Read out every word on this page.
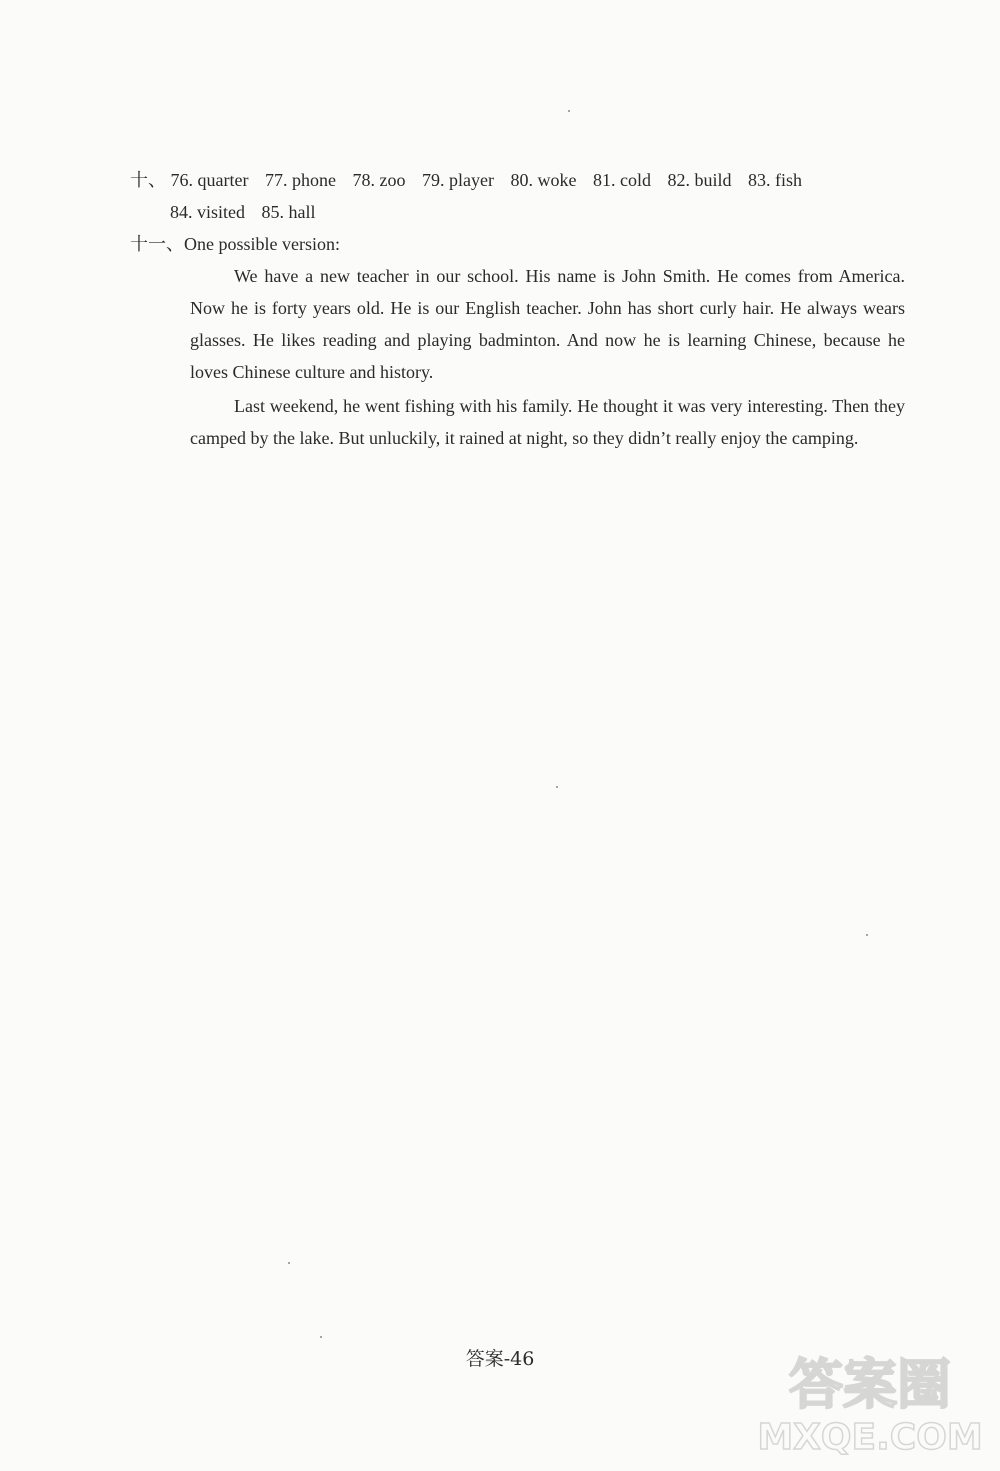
十、 76. quarter 77. phone 78. zoo 79. player 80. woke 81. cold 82. build 83. fish
84. visited 85. hall
十一、One possible version:

We have a new teacher in our school. His name is John Smith. He comes from America. Now he is forty years old. He is our English teacher. John has short curly hair. He always wears glasses. He likes reading and playing badminton. And now he is learning Chinese, because he loves Chinese culture and history.

Last weekend, he went fishing with his family. He thought it was very interesting. Then they camped by the lake. But unluckily, it rained at night, so they didn’t really enjoy the camping.

答案-46	答案圈
MXQE.COM
